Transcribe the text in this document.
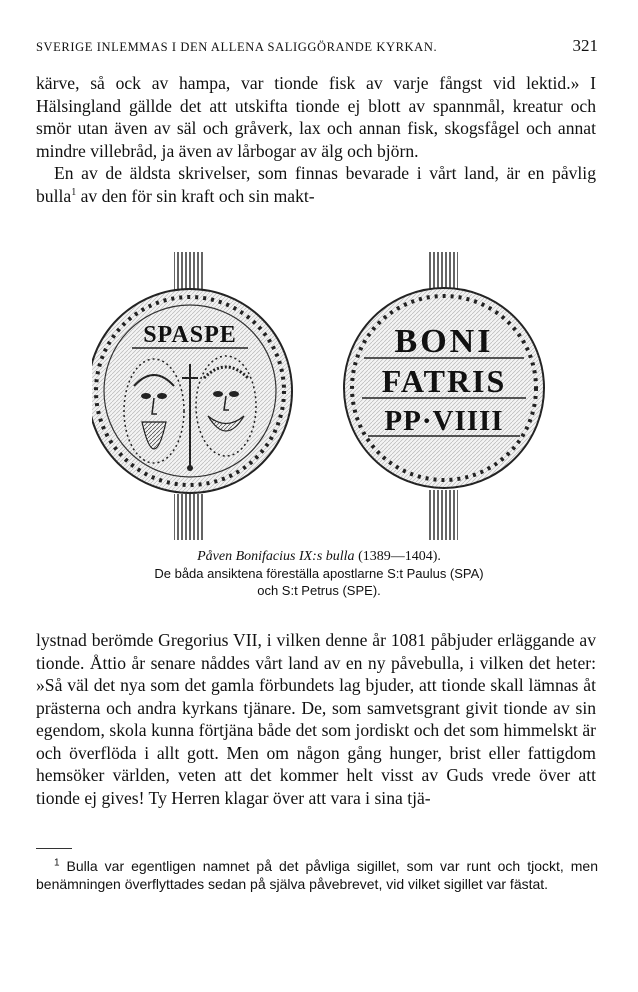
SVERIGE INLEMMAS I DEN ALLENA SALIGGÖRANDE KYRKAN.	321

kärve, så ock av hampa, var tionde fisk av varje fångst vid lektid.» I Hälsingland gällde det att utskifta tionde ej blott av spannmål, kreatur och smör utan även av säl och gråverk, lax och annan fisk, skogsfågel och annat mindre villebråd, ja även av lårbogar av älg och björn.

En av de äldsta skrivelser, som finnas bevarade i vårt land, är en påvlig bulla$^1$ av den för sin kraft och sin makt-

SPASPE	BONI
FATRIS
PP·VIIII
Påven Bonifacius IX:s bulla (1389—1404).
De båda ansiktena föreställa apostlarne S:t Paulus (SPA)
och S:t Petrus (SPE).

lystnad berömde Gregorius VII, i vilken denne år 1081 påbjuder erläggande av tionde. Åttio år senare nåddes vårt land av en ny påvebulla, i vilken det heter: »Så väl det nya som det gamla förbundets lag bjuder, att tionde skall lämnas åt prästerna och andra kyrkans tjänare. De, som samvetsgrant givit tionde av sin egendom, skola kunna förtjäna både det som jordiskt och det som himmelskt är och överflöda i allt gott. Men om någon gång hunger, brist eller fattigdom hemsöker världen, veten att det kommer helt visst av Guds vrede över att tionde ej gives! Ty Herren klagar över att vara i sina tjä-

$^1$ Bulla var egentligen namnet på det påvliga sigillet, som var runt och tjockt, men benämningen överflyttades sedan på själva påvebrevet, vid vilket sigillet var fästat.
